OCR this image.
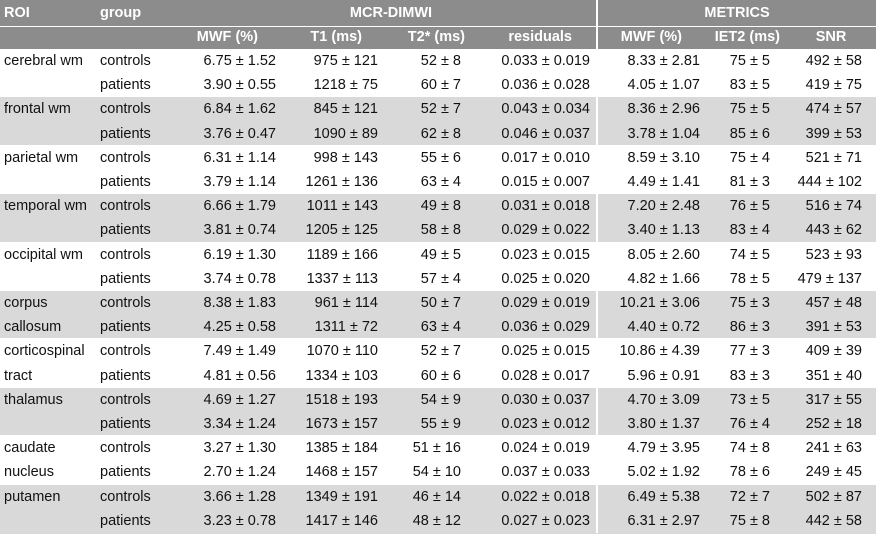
ROI	group	MCR-DIMWI	METRICS
MWF (%)	T1 (ms)	T2* (ms)	residuals	MWF (%)	IET2 (ms)	SNR
cerebral wm	controls	6.75 ± 1.52	975 ± 121	52 ± 8	0.033 ± 0.019	8.33 ± 2.81	75 ± 5	492 ± 58
patients	3.90 ± 0.55	1218 ± 75	60 ± 7	0.036 ± 0.028	4.05 ± 1.07	83 ± 5	419 ± 75
frontal wm	controls	6.84 ± 1.62	845 ± 121	52 ± 7	0.043 ± 0.034	8.36 ± 2.96	75 ± 5	474 ± 57
patients	3.76 ± 0.47	1090 ± 89	62 ± 8	0.046 ± 0.037	3.78 ± 1.04	85 ± 6	399 ± 53
parietal wm	controls	6.31 ± 1.14	998 ± 143	55 ± 6	0.017 ± 0.010	8.59 ± 3.10	75 ± 4	521 ± 71
patients	3.79 ± 1.14	1261 ± 136	63 ± 4	0.015 ± 0.007	4.49 ± 1.41	81 ± 3	444 ± 102
temporal wm controls	6.66 ± 1.79	1011 ± 143	49 ± 8	0.031 ± 0.018	7.20 ± 2.48	76 ± 5	516 ± 74
patients	3.81 ± 0.74	1205 ± 125	58 ± 8	0.029 ± 0.022	3.40 ± 1.13	83 ± 4	443 ± 62
occipital wm	controls	6.19 ± 1.30	1189 ± 166	49 ± 5	0.023 ± 0.015	8.05 ± 2.60	74 ± 5	523 ± 93
patients	3.74 ± 0.78	1337 ± 113	57 ± 4	0.025 ± 0.020	4.82 ± 1.66	78 ± 5	479 ± 137
corpus	controls	8.38 ± 1.83	961 ± 114	50 ± 7	0.029 ± 0.019	10.21 ± 3.06	75 ± 3	457 ± 48
callosum	patients	4.25 ± 0.58	1311 ± 72	63 ± 4	0.036 ± 0.029	4.40 ± 0.72	86 ± 3	391 ± 53
corticospinal	controls	7.49 ± 1.49	1070 ± 110	52 ± 7	0.025 ± 0.015	10.86 ± 4.39	77 ± 3	409 ± 39
tract	patients	4.81 ± 0.56	1334 ± 103	60 ± 6	0.028 ± 0.017	5.96 ± 0.91	83 ± 3	351 ± 40
thalamus	controls	4.69 ± 1.27	1518 ± 193	54 ± 9	0.030 ± 0.037	4.70 ± 3.09	73 ± 5	317 ± 55
patients	3.34 ± 1.24	1673 ± 157	55 ± 9	0.023 ± 0.012	3.80 ± 1.37	76 ± 4	252 ± 18
caudate	controls	3.27 ± 1.30	1385 ± 184	51 ± 16	0.024 ± 0.019	4.79 ± 3.95	74 ± 8	241 ± 63
nucleus	patients	2.70 ± 1.24	1468 ± 157	54 ± 10	0.037 ± 0.033	5.02 ± 1.92	78 ± 6	249 ± 45
putamen	controls	3.66 ± 1.28	1349 ± 191	46 ± 14	0.022 ± 0.018	6.49 ± 5.38	72 ± 7	502 ± 87
patients	3.23 ± 0.78	1417 ± 146	48 ± 12	0.027 ± 0.023	6.31 ± 2.97	75 ± 8	442 ± 58
